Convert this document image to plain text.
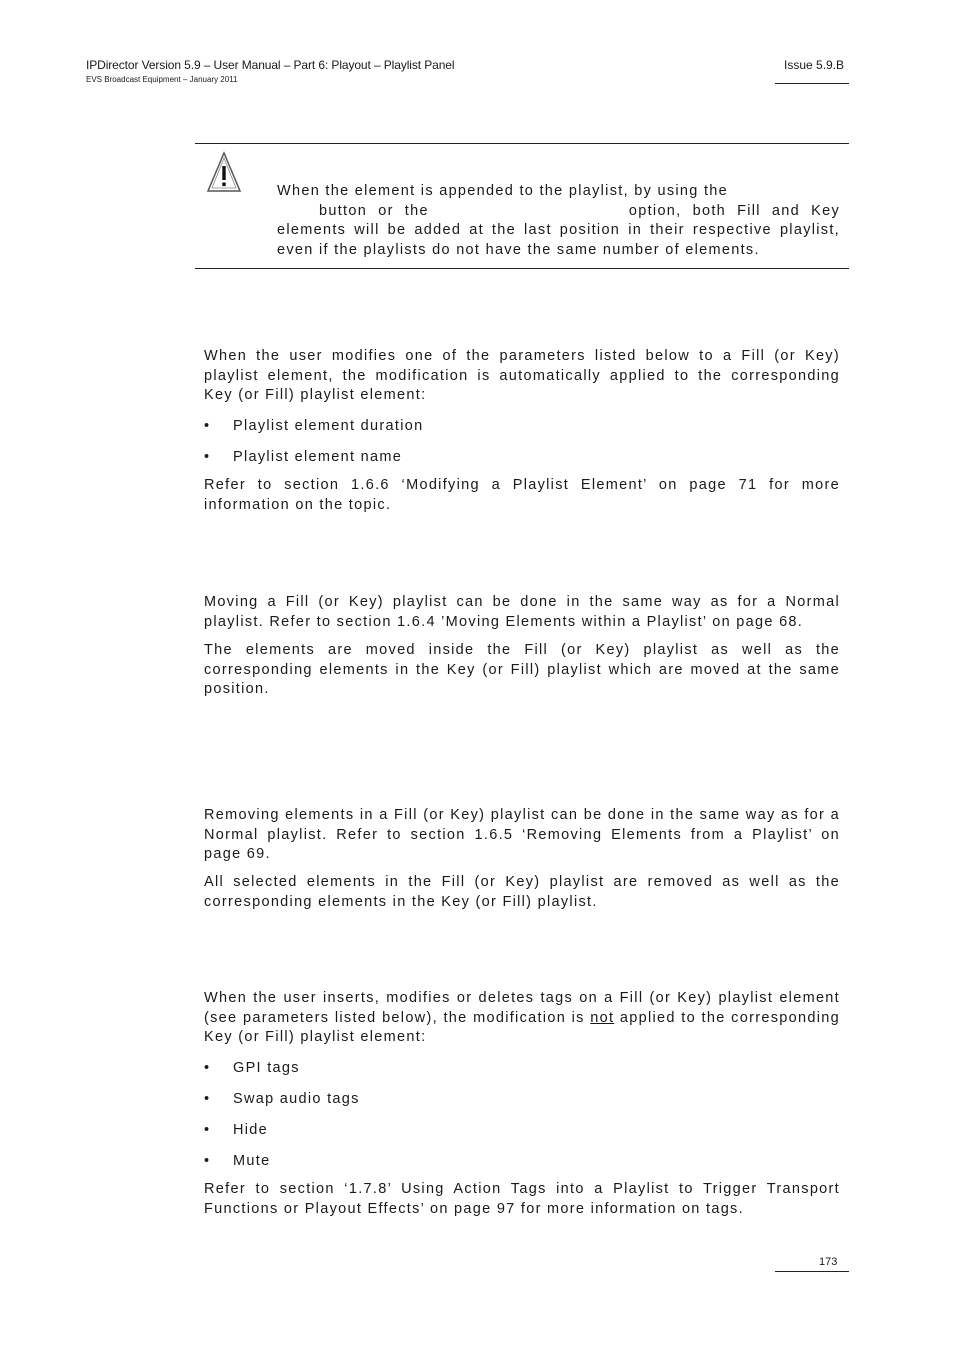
IPDirector Version 5.9 – User Manual – Part 6: Playout – Playlist Panel
EVS Broadcast Equipment – January 2011
Issue 5.9.B
When the element is appended to the playlist, by using the
button or the	option, both Fill and Key
elements will be added at the last position in their respective playlist,
even if the playlists do not have the same number of elements.
When the user modifies one of the parameters listed below to a Fill (or Key)
playlist element, the modification is automatically applied to the corresponding
Key (or Fill) playlist element:
• Playlist element duration
• Playlist element name
Refer to section 1.6.6 ‘Modifying a Playlist Element’ on page 71 for more
information on the topic.
Moving a Fill (or Key) playlist can be done in the same way as for a Normal
playlist. Refer to section 1.6.4 ’Moving Elements within a Playlist’ on page 68.
The elements are moved inside the Fill (or Key) playlist as well as the
corresponding elements in the Key (or Fill) playlist which are moved at the same
position.
Removing elements in a Fill (or Key) playlist can be done in the same way as for a
Normal playlist. Refer to section 1.6.5 ‘Removing Elements from a Playlist’ on
page 69.
All selected elements in the Fill (or Key) playlist are removed as well as the
corresponding elements in the Key (or Fill) playlist.
When the user inserts, modifies or deletes tags on a Fill (or Key) playlist element
(see parameters listed below), the modification is not applied to the corresponding
Key (or Fill) playlist element:
• GPI tags
• Swap audio tags
• Hide
• Mute
Refer to section ‘1.7.8’ Using Action Tags into a Playlist to Trigger Transport
Functions or Playout Effects’ on page 97 for more information on tags.
173
